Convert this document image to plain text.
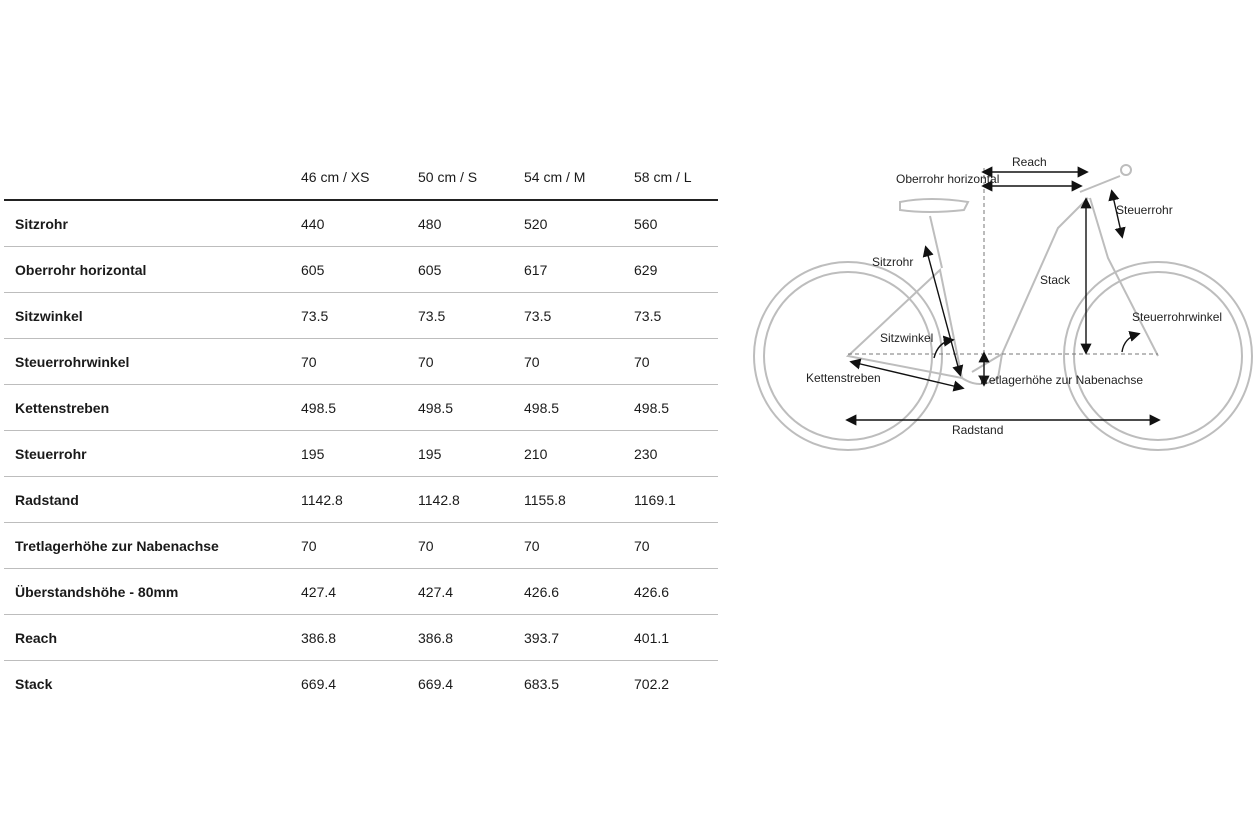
	46 cm / XS	50 cm / S	54 cm / M	58 cm / L
Sitzrohr	440	480	520	560
Oberrohr horizontal	605	605	617	629
Sitzwinkel	73.5	73.5	73.5	73.5
Steuerrohrwinkel	70	70	70	70
Kettenstreben	498.5	498.5	498.5	498.5
Steuerrohr	195	195	210	230
Radstand	1142.8	1142.8	1155.8	1169.1
Tretlagerhöhe zur Nabenachse	70	70	70	70
Überstandshöhe - 80mm	427.4	427.4	426.6	426.6
Reach	386.8	386.8	393.7	401.1
Stack	669.4	669.4	683.5	702.2
Reach
Oberrohr horizontal
Steuerrohr
Sitzrohr
Stack
Steuerrohrwinkel
Sitzwinkel
Kettenstreben	Tretlagerhöhe zur Nabenachse
Radstand
